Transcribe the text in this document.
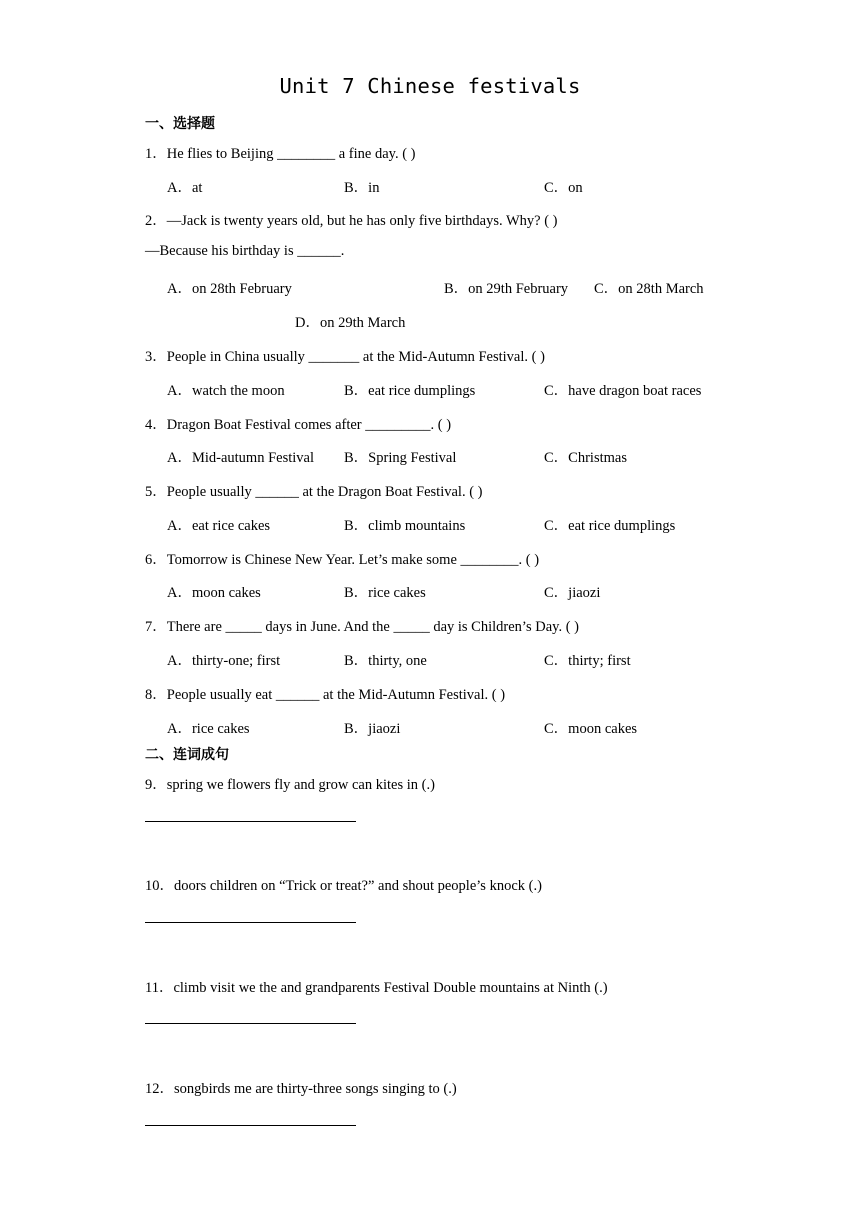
Unit 7 Chinese festivals
一、选择题
1．He flies to Beijing ________ a fine day. ( )
A．at	B．in	C．on
2．—Jack is twenty years old, but he has only five birthdays. Why? ( )
—Because his birthday is ______.
A．on 28th February	B．on 29th February C．on 28th March
D．on 29th March
3．People in China usually _______ at the Mid-Autumn Festival. ( )
A．watch the moon	B．eat rice dumplings	C．have dragon boat races
4．Dragon Boat Festival comes after _________. ( )
A．Mid-autumn Festival B．Spring Festival	C．Christmas
5．People usually ______ at the Dragon Boat Festival. ( )
A．eat rice cakes	B．climb mountains	C．eat rice dumplings
6．Tomorrow is Chinese New Year. Let’s make some ________. ( )
A．moon cakes	B．rice cakes	C．jiaozi
7．There are _____ days in June. And the _____ day is Children’s Day. ( )
A．thirty-one; first	B．thirty, one	C．thirty; first
8．People usually eat ______ at the Mid-Autumn Festival. ( )
A．rice cakes	B．jiaozi	C．moon cakes
二、连词成句
9．spring we flowers fly and grow can kites in (.)
10．doors children on “Trick or treat?” and shout people’s knock (.)
11．climb visit we the and grandparents Festival Double mountains at Ninth (.)
12．songbirds me are thirty-three songs singing to (.)
